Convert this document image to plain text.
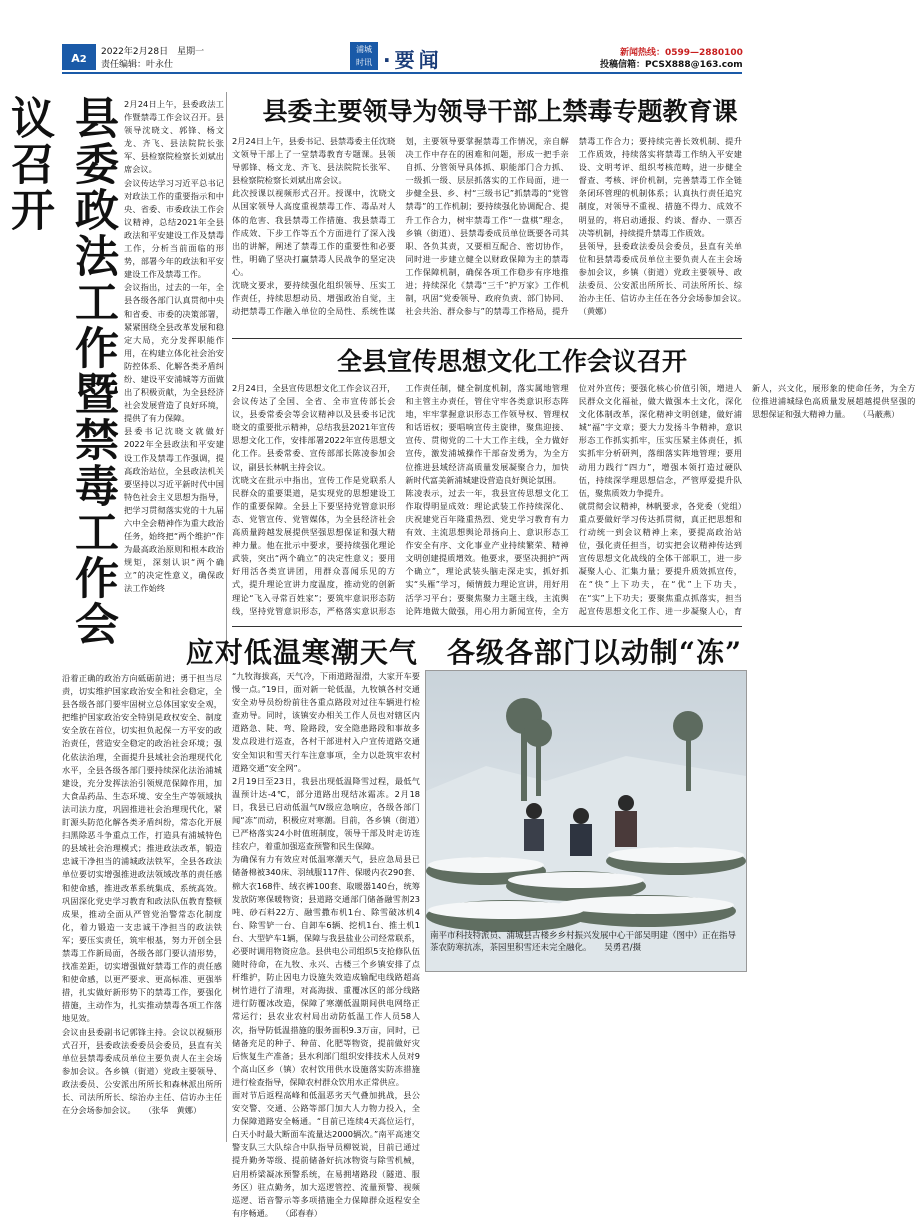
A2
2022年2月28日　星期一
责任编辑：叶永仕
浦城
时讯 ·要闻	新闻热线：0599—2880100
投稿信箱：PCSX888@163.com
县委政法工作暨禁毒工作会议召开	2月24日上午，县委政法工作暨禁毒工作会议召开。县领导沈晓文、郭锋、杨文龙、齐飞、县法院院长张军、县检察院检察长刘斌出席会议。
会议传达学习习近平总书记对政法工作的重要指示和中央、省委、市委政法工作会议精神，总结2021年全县政法和平安建设工作及禁毒工作，分析当前面临的形势，部署今年的政法和平安建设工作及禁毒工作。
会议指出，过去的一年，全县各级各部门认真贯彻中央和省委、市委的决策部署，紧紧围绕全县改革发展和稳定大局，充分发挥职能作用，在构建立体化社会治安防控体系、化解各类矛盾纠纷、建设平安浦城等方面做出了积极贡献，为全县经济社会发展营造了良好环境，提供了有力保障。
县委书记沈晓文就做好2022年全县政法和平安建设工作及禁毒工作强调，提高政治站位，全县政法机关要坚持以习近平新时代中国特色社会主义思想为指导，把学习贯彻落实党的十九届六中全会精神作为重大政治任务，始终把“两个维护”作为最高政治原则和根本政治规矩，深刻认识“两个确立”的决定性意义，确保政法工作始终

沿着正确的政治方向砥砺前进；勇于担当尽责，切实维护国家政治安全和社会稳定，全县各级各部门要牢固树立总体国家安全观，把维护国家政治安全特别是政权安全、制度安全放在首位，切实担负起保一方平安的政治责任，营造安全稳定的政治社会环境；强化依法治理，全面提升县域社会治理现代化水平，全县各级各部门要持续深化法治浦城建设，充分发挥法治引领规范保障作用，加大食品药品、生态环境、安全生产等领域执法司法力度，巩固推进社会治理现代化，紧盯源头防范化解各类矛盾纠纷，常态化开展扫黑除恶斗争重点工作，打造具有浦城特色的县域社会治理模式；推进政法改革，锻造忠诚干净担当的浦城政法铁军，全县各政法单位要切实增强推进政法领域改革的责任感和使命感，推进改革系统集成、系统高效。巩固深化党史学习教育和政法队伍教育整顿成果，推动全面从严管党治警常态化制度化，着力锻造一支忠诚干净担当的政法铁军；要压实责任，筑牢根基，努力开创全县禁毒工作新局面，各级各部门要认清形势，找准差距，切实增强做好禁毒工作的责任感和使命感，以更严要求、更高标准、更强举措，扎实做好新形势下的禁毒工作，要强化措施，主动作为，扎实推动禁毒各项工作落地见效。
会议由县委副书记郭锋主持。会议以视频形式召开，县委政法委委员会委员，县直有关单位县禁毒委成员单位主要负责人在主会场参加会议。各乡镇（街道）党政主要领导、政法委员、公安派出所所长和森林派出所所长、司法所所长、综治办主任、信访办主任在分会场参加会议。　　（张华　黄娜）

县委主要领导为领导干部上禁毒专题教育课

2月24日上午，县委书记、县禁毒委主任沈晓文领导干部上了一堂禁毒教育专题课。县领导郭锋、杨文龙、齐飞、县法院院长张军、县检察院检察长刘斌出席会议。
此次授课以视频形式召开。授课中，沈晓文从国家领导人高度重视禁毒工作、毒品对人体的危害、我县禁毒工作措施、我县禁毒工作成效、下步工作等五个方面进行了深入浅出的讲解，阐述了禁毒工作的重要性和必要性，明确了坚决打赢禁毒人民战争的坚定决心。
沈晓文要求，要持续强化组织领导、压实工作责任，持续思想动员、增强政治自觉，主动把禁毒工作融入单位的全局性、系统性谋划，主要领导要掌握禁毒工作情况，亲自解决工作中存在的困难和问题，形成一把手亲自抓、分管领导具体抓、职能部门合力抓、一级抓一级、层层抓落实的工作局面，进一步健全县、乡、村“三级书记”抓禁毒的“党管禁毒”的工作机制；要持续强化协调配合、提升工作合力，树牢禁毒工作“一盘棋”理念，乡镇（街道）、县禁毒委成员单位既要各司其职、各负其责，又要相互配合、密切协作，同时进一步建立健全以财政保障为主的禁毒工作保障机制，确保各项工作稳步有序地推进；持续深化《禁毒“三千”护万家》工作机制，巩固“党委领导、政府负责、部门协同、社会共治、群众参与”的禁毒工作格局，提升禁毒工作合力；要持续完善长效机制、提升工作质效，持续落实将禁毒工作纳入平安建设、文明考评、组织考核范畴，进一步健全督查、考核、评价机制，完善禁毒工作全链条闭环管理的机制体系；认真执行责任追究制度，对领导不重视、措施不得力、成效不明显的，将启动通报、约谈、督办、一票否决等机制，持续提升禁毒工作质效。
县领导，县委政法委员会委员，县直有关单位和县禁毒委成员单位主要负责人在主会场参加会议，乡镇（街道）党政主要领导、政法委员、公安派出所所长、司法所所长、综治办主任、信访办主任在各分会场参加会议。　　（黄娜）

全县宣传思想文化工作会议召开

2月24日，全县宣传思想文化工作会议召开，会议传达了全国、全省、全市宣传部长会议，县委常委会等会议精神以及县委书记沈晓文的重要批示精神，总结我县2021年宣传思想文化工作，安排部署2022年宣传思想文化工作。县委常委、宣传部部长陈凌参加会议，副县长林帆主持会议。
沈晓文在批示中指出，宣传工作是党联系人民群众的重要渠道，是实现党的思想建设工作的重要保障。全县上下要坚持党管意识形态、党管宣传、党管媒体，为全县经济社会高质量跨越发展提供坚强思想保证和强大精神力量。他在批示中要求，要持续强化理论武装，突出“两个确立”的决定性意义；要用好用活各类宣讲团，用群众喜闻乐见的方式，提升理论宣讲力度温度，推动党的创新理论“飞入寻常百姓家”；要筑牢意识形态防线，坚持党管意识形态，严格落实意识形态工作责任制，健全制度机制，落实属地管理和主管主办责任，管住守牢各类意识形态阵地，牢牢掌握意识形态工作领导权、管理权和话语权；要唱响宣传主旋律，聚焦迎接、宣传、贯彻党的二十大工作主线，全力做好宣传，激发浦城操作干部奋发勇为，为全方位推进县域经济高质量发展凝聚合力，加快新时代富美新浦城建设营造良好舆论氛围。
陈凌表示，过去一年，我县宣传思想文化工作取得明显成效：理论武装工作持续深化、庆祝建党百年隆重热烈、党史学习教育有力有效、主流思想舆论昂扬向上、意识形态工作安全有序、文化事业产业持续繁荣、精神文明创建提质增效。他要求，要坚决拥护“两个确立”，理论武装头脑走深走实，抓好抓实“头雁”学习，倾情鼓力理论宣讲，用好用活学习平台；要聚焦聚力主题主线，主流舆论阵地做大做强，用心用力新闻宣传，全方位对外宣传；要强化核心价值引领，增进人民群众文化福祉，做大做强本土文化，深化文化体制改革，深化精神文明创建，做好浦城“福”字文章；要大力发扬斗争精神，意识形态工作抓实抓牢，压实压紧主体责任，抓实抓牢分析研判，落细落实阵地管理；要用动用力践行“四力”，增强本领打造过硬队伍，持续深学理思想信念，严管厚爱提升队伍，聚焦质效力争提升。
就贯彻会议精神，林帆要求，各党委（党组）重点要做好学习传达抓贯彻，真正把思想和行动统一到会议精神上来，要提高政治站位，强化责任担当，切实把会议精神传达到宣传思想文化战线的全体干部职工，进一步凝聚人心、汇集力量；要提升质效抓宣传，在“快”上下功夫，在“优”上下功夫，在“实”上下功夫；要聚焦重点抓落实，担当起宣传思想文化工作、进一步凝聚人心，育新人，兴文化，展形象的使命任务，为全方位推进浦城绿色高质量发展超越提供坚强的思想保证和强大精神力量。　　（马蔽燕）

应对低温寒潮天气　各级各部门以动制“冻”

“九牧海拔高，天气冷，下雨道路湿滑，大家开车要慢一点。”19日，面对新一轮低温，九牧镇各村交通安全劝导员纷纷前往各重点路段对过往车辆进行检查劝导。同时，该镇安办相关工作人员也对辖区内道路急、陡、弯、险路段，安全隐患路段和事故多发点段进行巡查，各村干部进村入户宣传道路交通安全知识和雪天行车注意事项，全力以赴筑牢农村道路交通“安全网”。
2月19日至23日，我县出现低温降雪过程，最低气温预计达-4℃，部分道路出现结冰霜冻。2月18日，我县已启动低温气Ⅳ级应急响应，各级各部门闻“冻”而动，积极应对寒潮。目前，各乡镇（街道）已严格落实24小时值班制度，领导干部及时走访连挂农户，着重加强巡查预警和民生保障。
为确保有力有效应对低温寒潮天气，县应急局县已储备棉被340床、羽绒服117件、保暖内衣290套、棉大衣168件、绒衣裤100套、取暖器140台，统筹发放防寒保暖物资；县道路交通部门储备融雪剂23吨、砂石料22方、融雪撒布机1台、除雪破冰机4台、除雪铲一台、自卸车6辆、挖机1台、推土机1台、大型铲车1辆，保障与我县盐业公司经常联系，必要时调用物资应急。县供电公司组织5支抢修队伍随时待命，在九牧、永兴、古楼三个乡镇安排了点杆维护，防止因电力设施失效造成输配电线路超高树竹进行了清理，对高海拔、重覆冰区的部分线路进行防覆冰改造，保障了寒潮低温期间供电网络正常运行；县农业农村局出动防低温工作人员58人次，指导防低温措施的服务面积9.3万亩，同时，已储备充足的种子、种苗、化肥等物资，提前做好灾后恢复生产准备；县水利部门组织安排技术人员对9个高山区乡（镇）农村饮用供水设施落实防冻措施进行检查指导，保障农村群众饮用水正常供应。
面对节后返程高峰和低温恶劣天气叠加挑战，县公安交警、交通、公路等部门加大人力物力投入，全力保障道路安全畅通。“目前已连续4天高位运行，白天小时最大断面车流量达2000辆次。”南平高速交警支队三大队综合中队指导员柳锐说，目前已通过提升勤务等级、提前储备好抗冰物资与除雪机械，启用桥梁凝冰预警系统，在易拥堵路段（隧道、服务区）驻点勤务，加大巡逻管控、流量预警、视频巡逻、语音警示等多项措施全力保障群众返程安全有序畅通。　　（邱春春）

南平市科技特派员、浦城县古楼乡乡村振兴发展中心干部吴明建（图中）正在指导茶农防寒抗冻，茶园里积雪还未完全融化。　　吴勇君/摄
